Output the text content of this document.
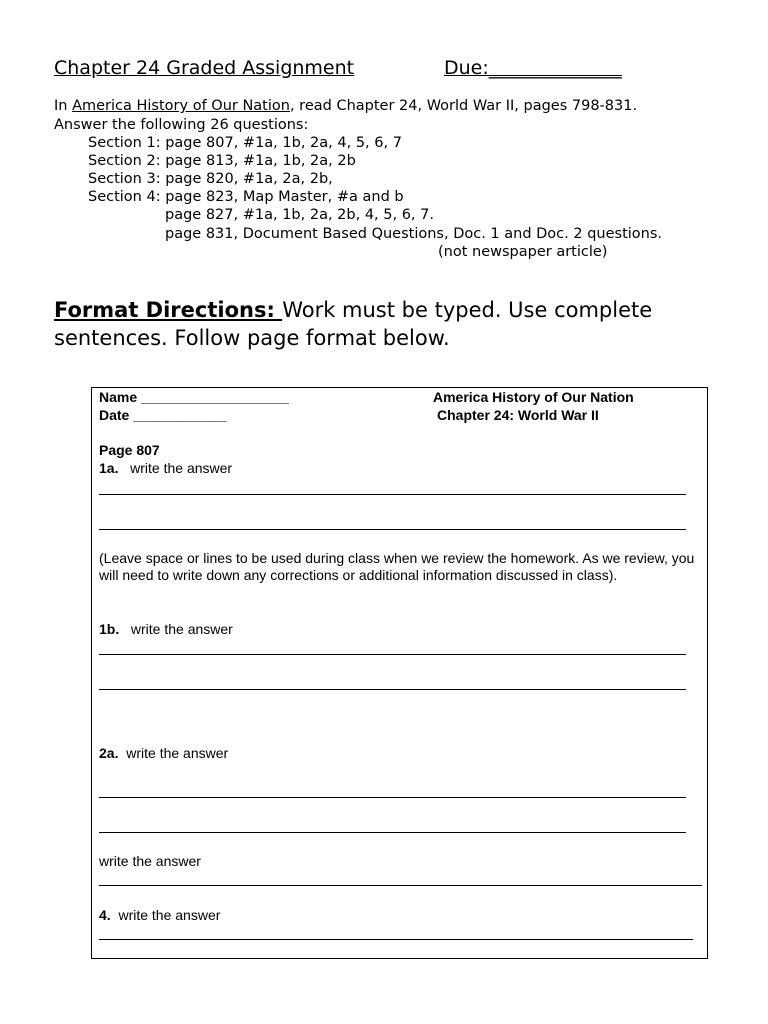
Chapter 24 Graded Assignment	Due:______________
In America History of Our Nation, read Chapter 24, World War II, pages 798-831.
Answer the following 26 questions:
Section 1: page 807, #1a, 1b, 2a, 4, 5, 6, 7
Section 2: page 813, #1a, 1b, 2a, 2b
Section 3: page 820, #1a, 2a, 2b,
Section 4: page 823, Map Master, #a and b
page 827, #1a, 1b, 2a, 2b, 4, 5, 6, 7.
page 831, Document Based Questions, Doc. 1 and Doc. 2 questions.
(not newspaper article)
Format Directions: Work must be typed. Use complete
sentences. Follow page format below.
Name ___________________
Date ____________
America History of Our Nation
Chapter 24: World War II
Page 807
1a. write the answer
(Leave space or lines to be used during class when we review the homework. As we review, you will need to write down any corrections or additional information discussed in class).
1b. write the answer
2a. write the answer
write the answer
4. write the answer
